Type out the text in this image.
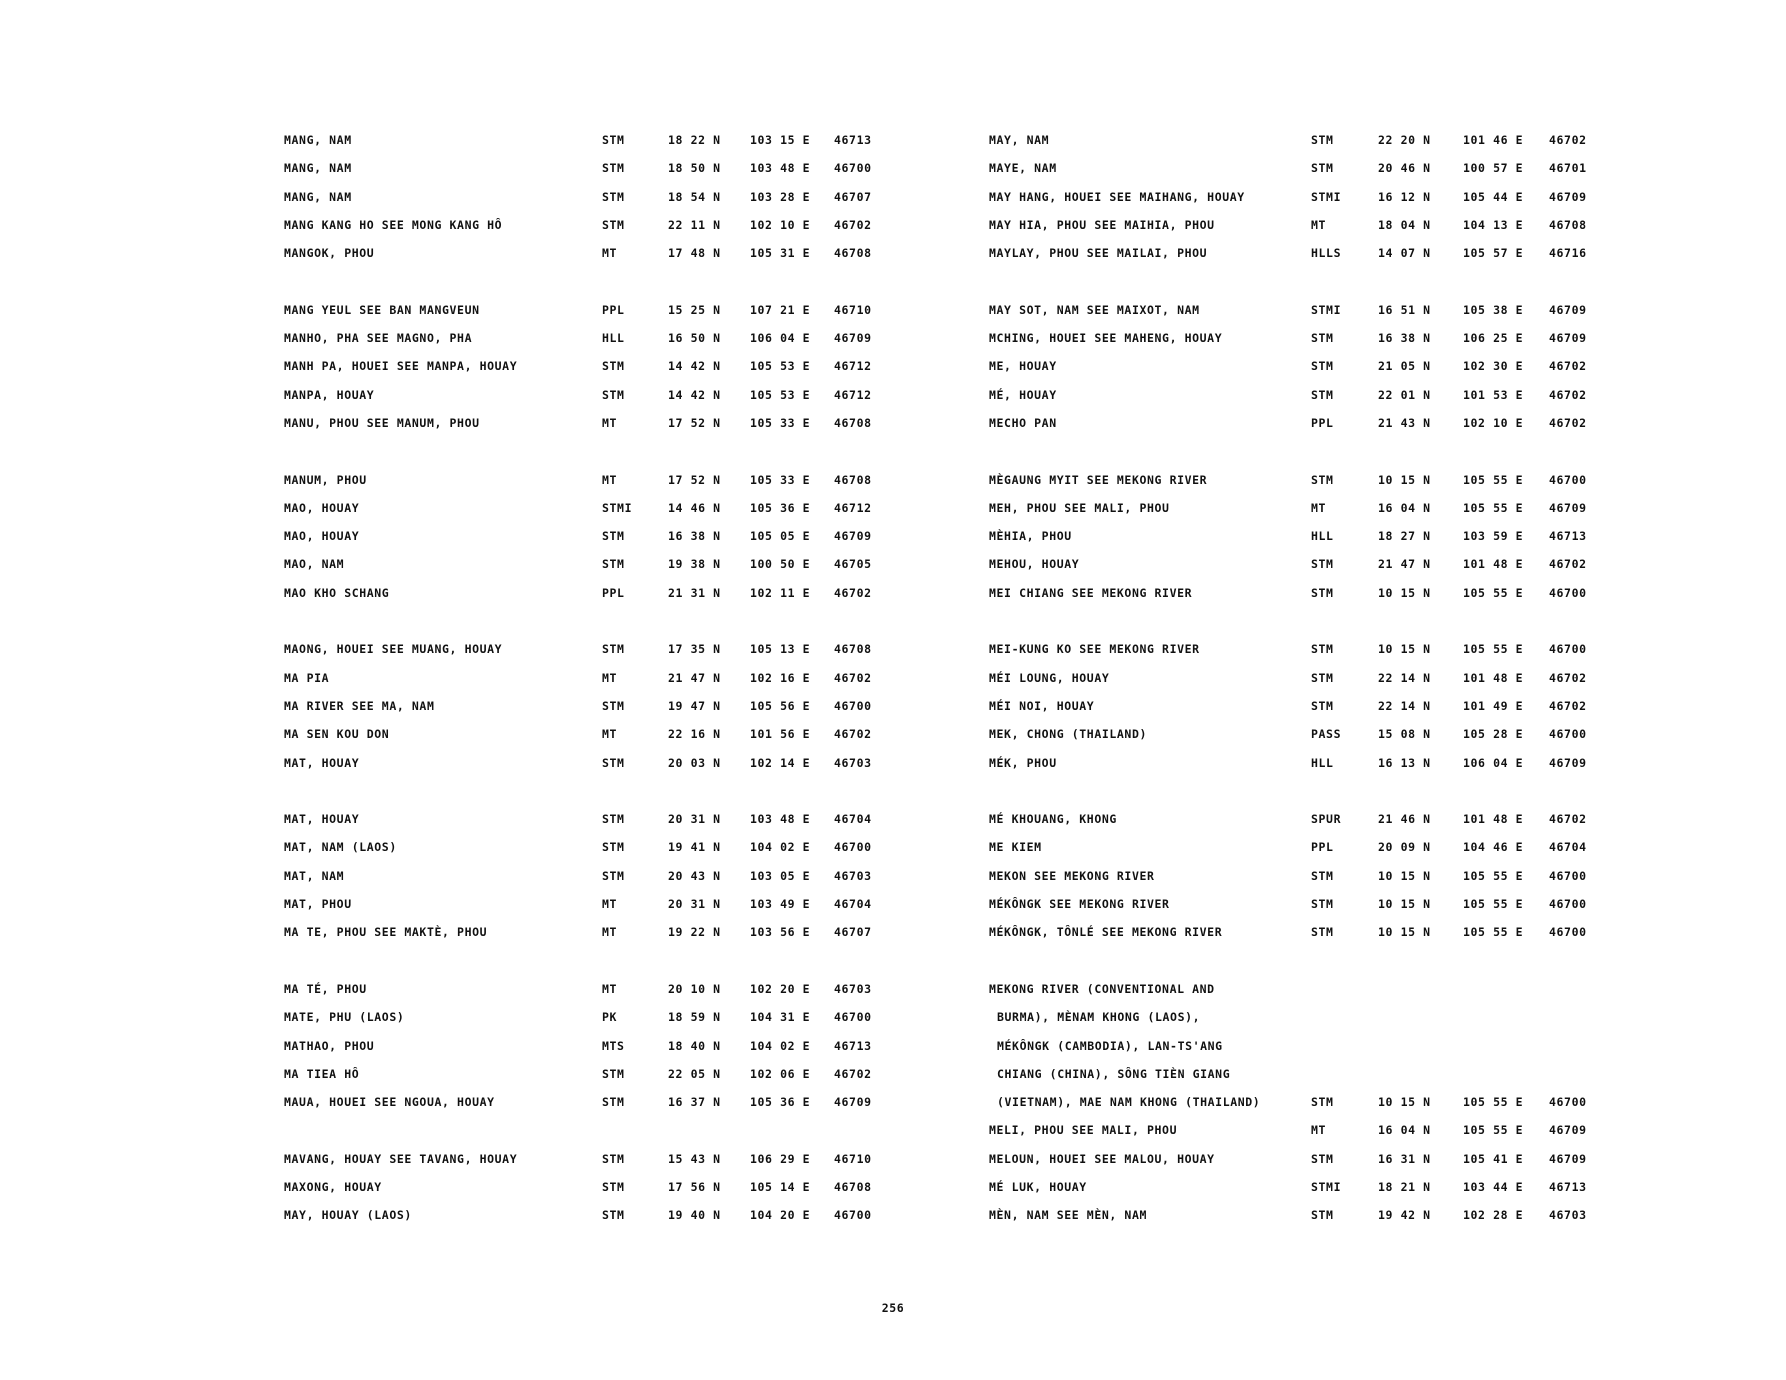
MANG, NAM	STM	18 22 N	103 15 E 46713
MANG, NAM	STM	18 50 N	103 48 E 46700
MANG, NAM	STM	18 54 N	103 28 E 46707
MANG KANG HO SEE MONG KANG HÔ	STM	22 11 N	102 10 E 46702
MANGOK, PHOU	MT	17 48 N	105 31 E 46708
MANG YEUL SEE BAN MANGVEUN	PPL	15 25 N	107 21 E 46710
MANHO, PHA SEE MAGNO, PHA	HLL	16 50 N	106 04 E 46709
MANH PA, HOUEI SEE MANPA, HOUAY	STM	14 42 N	105 53 E 46712
MANPA, HOUAY	STM	14 42 N	105 53 E 46712
MANU, PHOU SEE MANUM, PHOU	MT	17 52 N	105 33 E 46708
MANUM, PHOU	MT	17 52 N	105 33 E 46708
MAO, HOUAY	STMI	14 46 N	105 36 E 46712
MAO, HOUAY	STM	16 38 N	105 05 E 46709
MAO, NAM	STM	19 38 N	100 50 E 46705
MAO KHO SCHANG	PPL	21 31 N	102 11 E 46702
MAONG, HOUEI SEE MUANG, HOUAY	STM	17 35 N	105 13 E 46708
MA PIA	MT	21 47 N	102 16 E 46702
MA RIVER SEE MA, NAM	STM	19 47 N	105 56 E 46700
MA SEN KOU DON	MT	22 16 N	101 56 E 46702
MAT, HOUAY	STM	20 03 N	102 14 E 46703
MAT, HOUAY	STM	20 31 N	103 48 E 46704
MAT, NAM (LAOS)	STM	19 41 N	104 02 E 46700
MAT, NAM	STM	20 43 N	103 05 E 46703
MAT, PHOU	MT	20 31 N	103 49 E 46704
MA TE, PHOU SEE MAKTÈ, PHOU	MT	19 22 N	103 56 E 46707
MA TÉ, PHOU	MT	20 10 N	102 20 E 46703
MATE, PHU (LAOS)	PK	18 59 N	104 31 E 46700
MATHAO, PHOU	MTS	18 40 N	104 02 E 46713
MA TIEA HÔ	STM	22 05 N	102 06 E 46702
MAUA, HOUEI SEE NGOUA, HOUAY	STM	16 37 N	105 36 E 46709
MAVANG, HOUAY SEE TAVANG, HOUAY	STM	15 43 N	106 29 E 46710
MAXONG, HOUAY	STM	17 56 N	105 14 E 46708
MAY, HOUAY (LAOS)	STM	19 40 N	104 20 E 46700
MAY, NAM	STM	22 20 N	101 46 E 46702
MAYE, NAM	STM	20 46 N	100 57 E 46701
MAY HANG, HOUEI SEE MAIHANG, HOUAY	STMI	16 12 N	105 44 E 46709
MAY HIA, PHOU SEE MAIHIA, PHOU	MT	18 04 N	104 13 E 46708
MAYLAY, PHOU SEE MAILAI, PHOU	HLLS	14 07 N	105 57 E 46716
MAY SOT, NAM SEE MAIXOT, NAM	STMI	16 51 N	105 38 E 46709
MCHING, HOUEI SEE MAHENG, HOUAY	STM	16 38 N	106 25 E 46709
ME, HOUAY	STM	21 05 N	102 30 E 46702
MÉ, HOUAY	STM	22 01 N	101 53 E 46702
MECHO PAN	PPL	21 43 N	102 10 E 46702
MÈGAUNG MYIT SEE MEKONG RIVER	STM	10 15 N	105 55 E 46700
MEH, PHOU SEE MALI, PHOU	MT	16 04 N	105 55 E 46709
MÈHIA, PHOU	HLL	18 27 N	103 59 E 46713
MEHOU, HOUAY	STM	21 47 N	101 48 E 46702
MEI CHIANG SEE MEKONG RIVER	STM	10 15 N	105 55 E 46700
MEI-KUNG KO SEE MEKONG RIVER	STM	10 15 N	105 55 E 46700
MÉI LOUNG, HOUAY	STM	22 14 N	101 48 E 46702
MÉI NOI, HOUAY	STM	22 14 N	101 49 E 46702
MEK, CHONG (THAILAND)	PASS	15 08 N	105 28 E 46700
MÉK, PHOU	HLL	16 13 N	106 04 E 46709
MÉ KHOUANG, KHONG	SPUR	21 46 N	101 48 E 46702
ME KIEM	PPL	20 09 N	104 46 E 46704
MEKON SEE MEKONG RIVER	STM	10 15 N	105 55 E 46700
MÉKÔNGK SEE MEKONG RIVER	STM	10 15 N	105 55 E 46700
MÉKÔNGK, TÔNLÉ SEE MEKONG RIVER	STM	10 15 N	105 55 E 46700
MEKONG RIVER (CONVENTIONAL AND
BURMA), MÈNAM KHONG (LAOS),
MÉKÔNGK (CAMBODIA), LAN-TS'ANG
CHIANG (CHINA), SÔNG TIÈN GIANG
(VIETNAM), MAE NAM KHONG (THAILAND)	STM	10 15 N	105 55 E 46700
MELI, PHOU SEE MALI, PHOU	MT	16 04 N	105 55 E 46709
MELOUN, HOUEI SEE MALOU, HOUAY	STM	16 31 N	105 41 E 46709
MÉ LUK, HOUAY	STMI	18 21 N	103 44 E 46713
MÈN, NAM SEE MÈN, NAM	STM	19 42 N	102 28 E 46703
256
